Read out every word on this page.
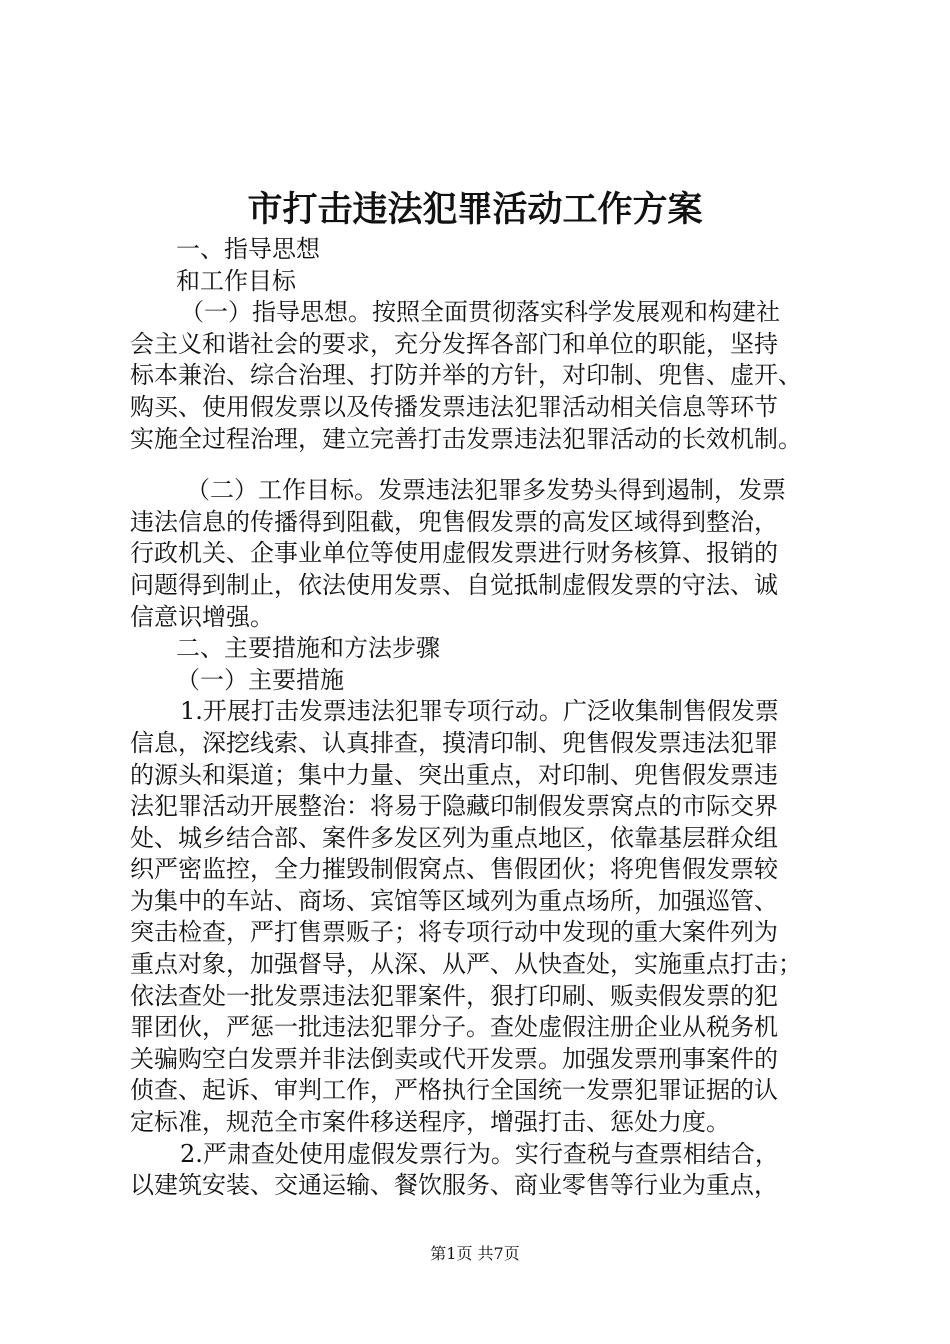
市打击违法犯罪活动工作方案
一、指导思想
和工作目标
（一）指导思想。按照全面贯彻落实科学发展观和构建社
会主义和谐社会的要求，充分发挥各部门和单位的职能，坚持
标本兼治、综合治理、打防并举的方针，对印制、兜售、虚开、
购买、使用假发票以及传播发票违法犯罪活动相关信息等环节
实施全过程治理，建立完善打击发票违法犯罪活动的长效机制。
（二）工作目标。发票违法犯罪多发势头得到遏制，发票
违法信息的传播得到阻截，兜售假发票的高发区域得到整治，
行政机关、企事业单位等使用虚假发票进行财务核算、报销的
问题得到制止，依法使用发票、自觉抵制虚假发票的守法、诚
信意识增强。
二、主要措施和方法步骤
（一）主要措施
1.开展打击发票违法犯罪专项行动。广泛收集制售假发票
信息，深挖线索、认真排查，摸清印制、兜售假发票违法犯罪
的源头和渠道；集中力量、突出重点，对印制、兜售假发票违
法犯罪活动开展整治：将易于隐藏印制假发票窝点的市际交界
处、城乡结合部、案件多发区列为重点地区，依靠基层群众组
织严密监控，全力摧毁制假窝点、售假团伙；将兜售假发票较
为集中的车站、商场、宾馆等区域列为重点场所，加强巡管、
突击检查，严打售票贩子；将专项行动中发现的重大案件列为
重点对象，加强督导，从深、从严、从快查处，实施重点打击；
依法查处一批发票违法犯罪案件，狠打印刷、贩卖假发票的犯
罪团伙，严惩一批违法犯罪分子。查处虚假注册企业从税务机
关骗购空白发票并非法倒卖或代开发票。加强发票刑事案件的
侦查、起诉、审判工作，严格执行全国统一发票犯罪证据的认
定标准，规范全市案件移送程序，增强打击、惩处力度。
2.严肃查处使用虚假发票行为。实行查税与查票相结合，
以建筑安装、交通运输、餐饮服务、商业零售等行业为重点，
第1页 共7页
